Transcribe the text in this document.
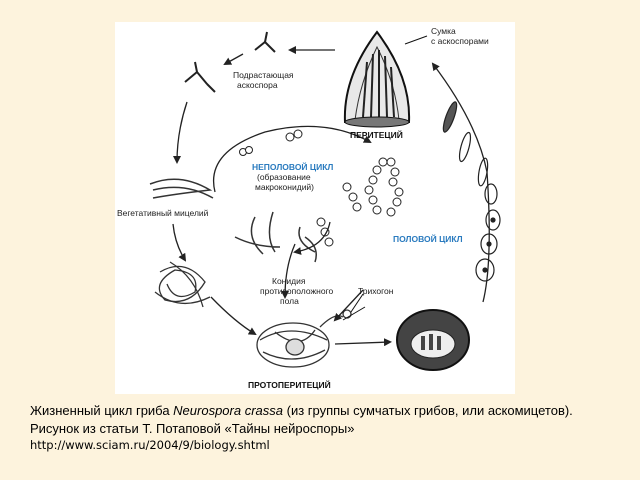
Сумка
с аскоспорами
ПЕРИТЕЦИЙ
Подрастающая
аскоспора
НЕПОЛОВОЙ ЦИКЛ
(образование
макроконидий)
Вегетативный мицелий
ПОЛОВОЙ ЦИКЛ
Конидия
противоположного
пола
Трихогон
ПРОТОПЕРИТЕЦИЙ
Жизненный цикл гриба Neurospora crassa (из группы сумчатых грибов, или аскомицетов).
Рисунок из статьи Т. Потаповой «Тайны нейроспоры»
http://www.sciam.ru/2004/9/biology.shtml
